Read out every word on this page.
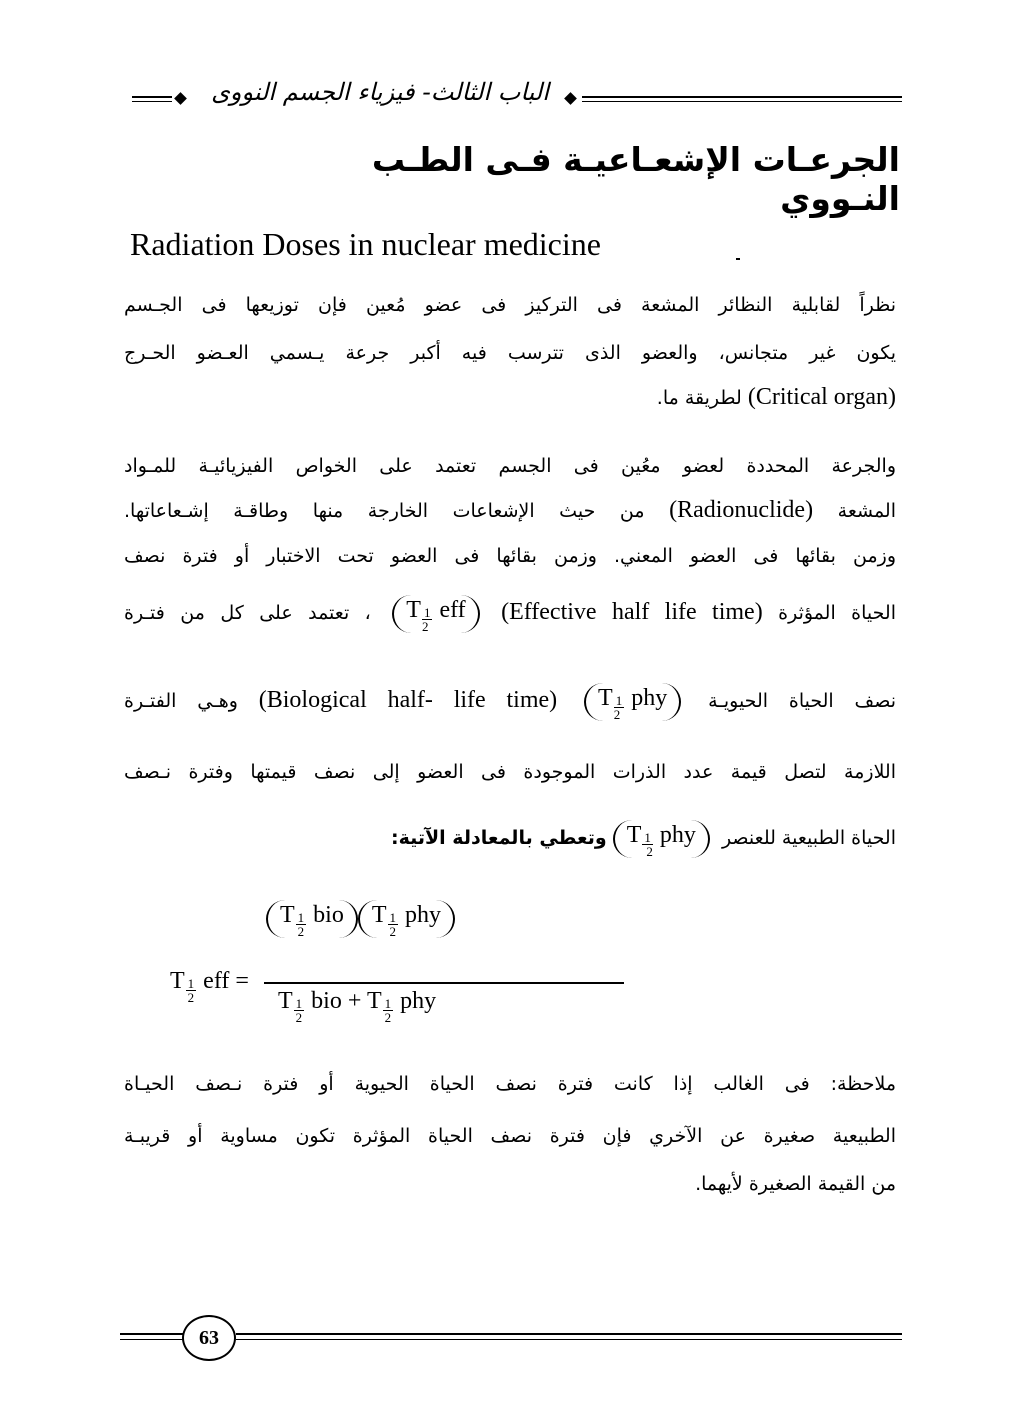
الباب الثالث- فيزياء الجسم النووى
الجرعـات الإشعـاعيـة فـى الطـب النـووي
Radiation Doses in nuclear medicine
نظراً لقابلية النظائر المشعة فى التركيز فى عضو مُعين فإن توزيعها فى الجـسم
يكون غير متجانس، والعضو الذى تترسب فيه أكبر جرعة يـسمي العـضو الحـرج
(Critical organ) لطريقة ما.
والجرعة المحددة لعضو معُين فى الجسم تعتمد على الخواص الفيزيائيـة للمـواد
المشعة (Radionuclide) من حيث الإشعاعات الخارجة منها وطاقـة إشـعاعاتها.
وزمن بقائها فى العضو المعني. وزمن بقائها فى العضو تحت الاختبار أو فترة نصف
الحياة المؤثرة (Effective half life time) T $\frac{1}{2}$ eff ، تعتمد على كل من فتـرة
نصف الحياة الحيويـة T $\frac{1}{2}$ phy (Biological half- life time) وهـي الفتـرة
اللازمة لتصل قيمة عدد الذرات الموجودة فى العضو إلى نصف قيمتها وفترة نـصف
الحياة الطبيعية للعنصر T $\frac{1}{2}$ phyوتعطي بالمعادلة الآتية:
T $\frac{1}{2}$ eff =
T $\frac{1}{2}$ bio T $\frac{1}{2}$ phy
T $\frac{1}{2}$ bio + T $\frac{1}{2}$ phy
ملاحظة: فى الغالب إذا كانت فترة نصف الحياة الحيوية أو فترة نـصف الحيـاة
الطبيعية صغيرة عن الآخري فإن فترة نصف الحياة المؤثرة تكون مساوية أو قريبـة
من القيمة الصغيرة لأيهما.
63
